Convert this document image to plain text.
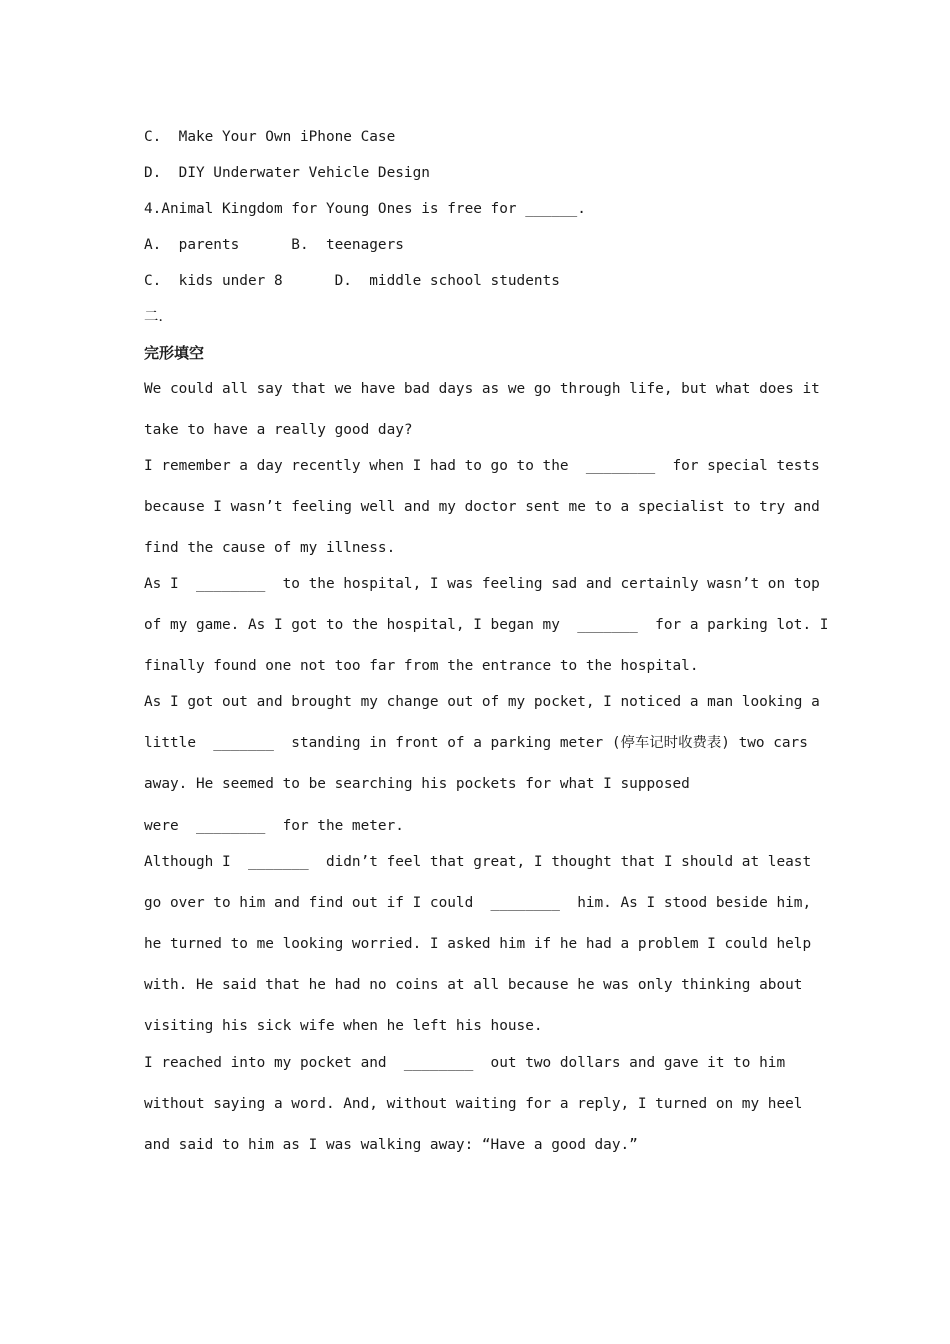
C.  Make Your Own iPhone Case

D.  DIY Underwater Vehicle Design

4.Animal Kingdom for Young Ones is free for ______.

A.  parents      B.  teenagers

C.  kids under 8      D.  middle school students

二.

完形填空

We could all say that we have bad days as we go through life, but what does it

take to have a really good day?

I remember a day recently when I had to go to the  ________  for special tests

because I wasn’t feeling well and my doctor sent me to a specialist to try and

find the cause of my illness.

As I  ________  to the hospital, I was feeling sad and certainly wasn’t on top

of my game. As I got to the hospital, I began my  _______  for a parking lot. I

finally found one not too far from the entrance to the hospital.

As I got out and brought my change out of my pocket, I noticed a man looking a

little  _______  standing in front of a parking meter (停车记时收费表) two cars

away. He seemed to be searching his pockets for what I supposed

were  ________  for the meter.

Although I  _______  didn’t feel that great, I thought that I should at least

go over to him and find out if I could  ________  him. As I stood beside him,

he turned to me looking worried. I asked him if he had a problem I could help

with. He said that he had no coins at all because he was only thinking about

visiting his sick wife when he left his house.

I reached into my pocket and  ________  out two dollars and gave it to him

without saying a word. And, without waiting for a reply, I turned on my heel

and said to him as I was walking away: “Have a good day.”
